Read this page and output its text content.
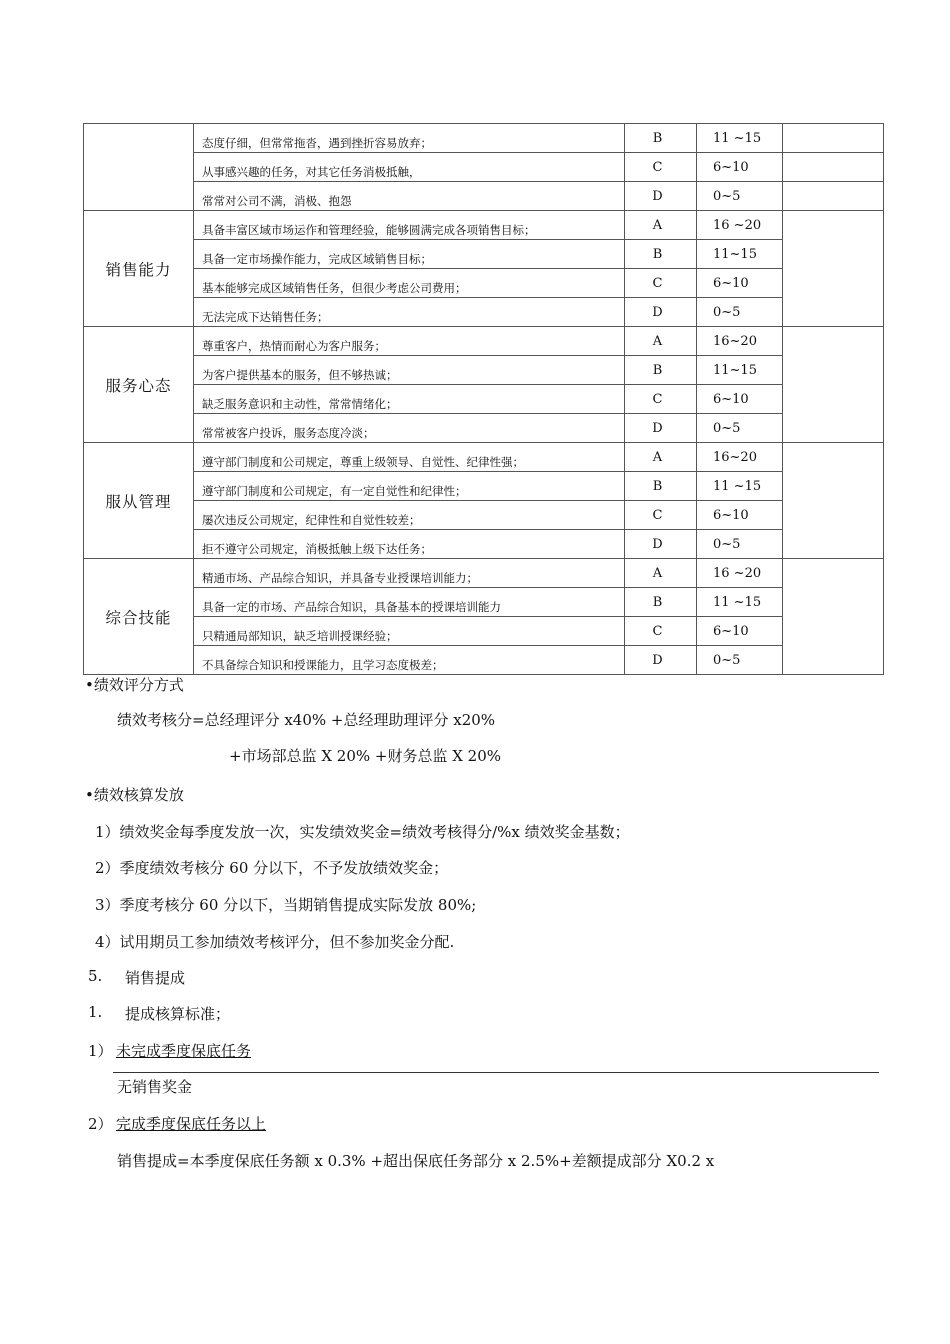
	态度仔细，但常常拖沓，遇到挫折容易放弃；	B	11 ~15	
	从事感兴趣的任务，对其它任务消极抵触，	C	6~10	
	常常对公司不满，消极、抱怨	D	0~5	
销售能力	具备丰富区域市场运作和管理经验，能够圆满完成各项销售目标；	A	16 ~20	
	具备一定市场操作能力，完成区域销售目标；	B	11~15	
	基本能够完成区域销售任务，但很少考虑公司费用；	C	6~10	
	无法完成下达销售任务；	D	0~5	
服务心态	尊重客户，热情而耐心为客户服务；	A	16~20	
	为客户提供基本的服务，但不够热诚；	B	11~15	
	缺乏服务意识和主动性，常常情绪化；	C	6~10	
	常常被客户投诉，服务态度冷淡；	D	0~5	
服从管理	遵守部门制度和公司规定，尊重上级领导、自觉性、纪律性强；	A	16~20	
	遵守部门制度和公司规定，有一定自觉性和纪律性；	B	11 ~15	
	屡次违反公司规定，纪律性和自觉性较差；	C	6~10	
	拒不遵守公司规定，消极抵触上级下达任务；	D	0~5	
综合技能	精通市场、产品综合知识，并具备专业授课培训能力；	A	16 ~20	
	具备一定的市场、产品综合知识，具备基本的授课培训能力	B	11 ~15	
	只精通局部知识，缺乏培训授课经验；	C	6~10	
	不具备综合知识和授课能力，且学习态度极差；	D	0~5	
•绩效评分方式
绩效考核分=总经理评分 x40% +总经理助理评分 x20%
+市场部总监 X 20% +财务总监 X 20%
•绩效核算发放
1）绩效奖金每季度发放一次，实发绩效奖金=绩效考核得分/%x 绩效奖金基数；
2）季度绩效考核分 60 分以下，不予发放绩效奖金；
3）季度考核分 60 分以下，当期销售提成实际发放 80%;
4）试用期员工参加绩效考核评分，但不参加奖金分配.
5. 销售提成
1. 提成核算标准；
1） 未完成季度保底任务
无销售奖金
2） 完成季度保底任务以上
销售提成=本季度保底任务额 x 0.3% +超出保底任务部分 x 2.5%+差额提成部分 X0.2 x
